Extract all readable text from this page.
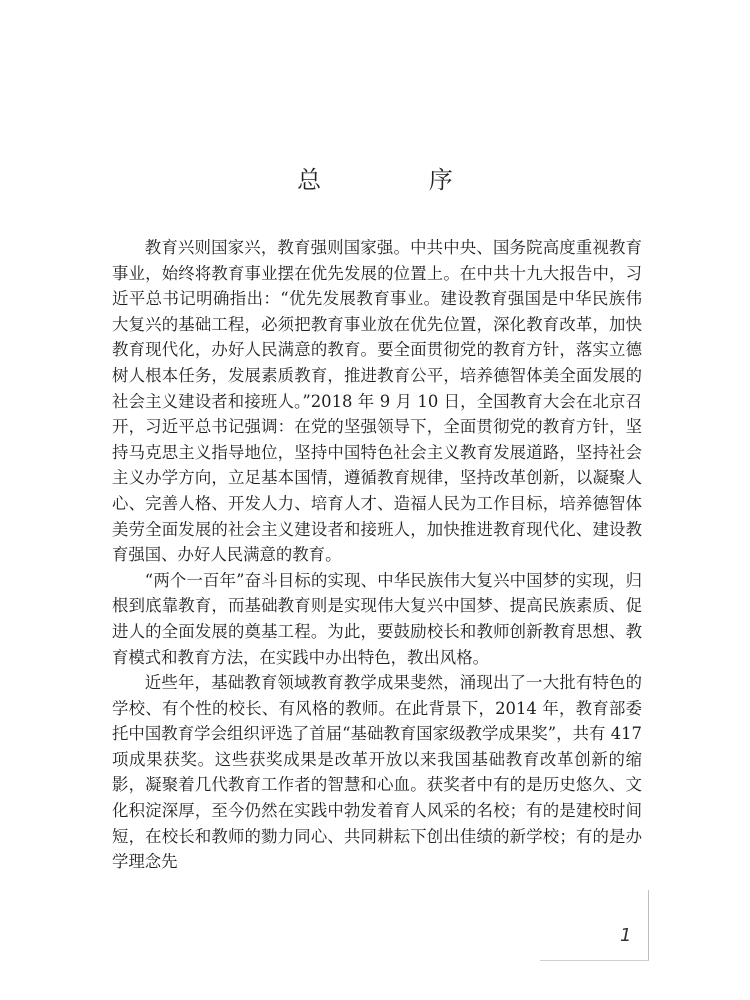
总 序

教育兴则国家兴，教育强则国家强。中共中央、国务院高度重视教育事业，始终将教育事业摆在优先发展的位置上。在中共十九大报告中，习近平总书记明确指出：“优先发展教育事业。建设教育强国是中华民族伟大复兴的基础工程，必须把教育事业放在优先位置，深化教育改革，加快教育现代化，办好人民满意的教育。要全面贯彻党的教育方针，落实立德树人根本任务，发展素质教育，推进教育公平，培养德智体美全面发展的社会主义建设者和接班人。”2018 年 9 月 10 日，全国教育大会在北京召开，习近平总书记强调：在党的坚强领导下，全面贯彻党的教育方针，坚持马克思主义指导地位，坚持中国特色社会主义教育发展道路，坚持社会主义办学方向，立足基本国情，遵循教育规律，坚持改革创新，以凝聚人心、完善人格、开发人力、培育人才、造福人民为工作目标，培养德智体美劳全面发展的社会主义建设者和接班人，加快推进教育现代化、建设教育强国、办好人民满意的教育。

“两个一百年”奋斗目标的实现、中华民族伟大复兴中国梦的实现，归根到底靠教育，而基础教育则是实现伟大复兴中国梦、提高民族素质、促进人的全面发展的奠基工程。为此，要鼓励校长和教师创新教育思想、教育模式和教育方法，在实践中办出特色，教出风格。

近些年，基础教育领域教育教学成果斐然，涌现出了一大批有特色的学校、有个性的校长、有风格的教师。在此背景下，2014 年，教育部委托中国教育学会组织评选了首届“基础教育国家级教学成果奖”，共有 417 项成果获奖。这些获奖成果是改革开放以来我国基础教育改革创新的缩影，凝聚着几代教育工作者的智慧和心血。获奖者中有的是历史悠久、文化积淀深厚，至今仍然在实践中勃发着育人风采的名校；有的是建校时间短，在校长和教师的勠力同心、共同耕耘下创出佳绩的新学校；有的是办学理念先

1
